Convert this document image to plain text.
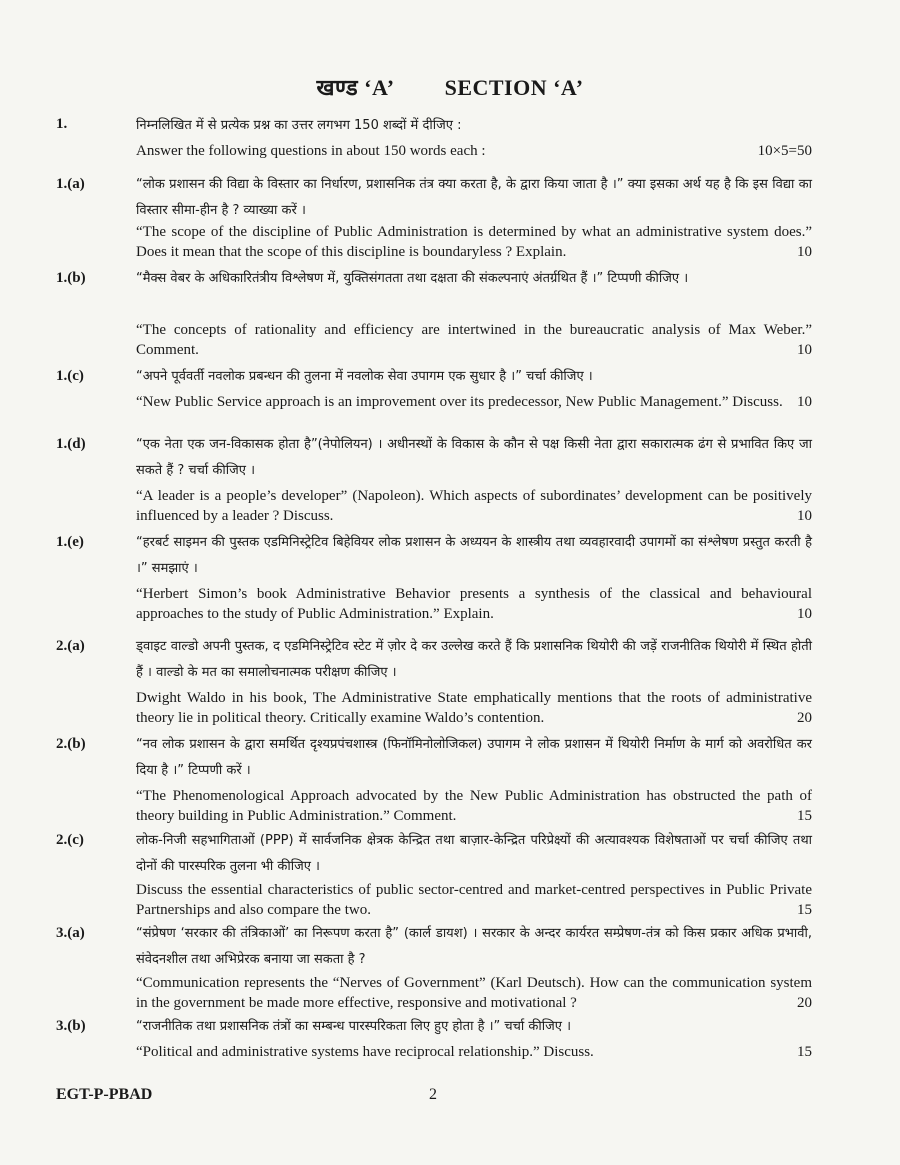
खण्ड ‘A’ SECTION ‘A’
1.	निम्नलिखित में से प्रत्येक प्रश्न का उत्तर लगभग 150 शब्दों में दीजिए :
Answer the following questions in about 150 words each :	10×5=50
1.(a)	“लोक प्रशासन की विद्या के विस्तार का निर्धारण, प्रशासनिक तंत्र क्या करता है, के द्वारा किया जाता है ।” क्या इसका अर्थ यह है कि इस विद्या का विस्तार सीमा-हीन है ? व्याख्या करें ।
“The scope of the discipline of Public Administration is determined by what an administrative system does.” Does it mean that the scope of this discipline is boundaryless ? Explain.	10
1.(b)	“मैक्स वेबर के अधिकारितंत्रीय विश्लेषण में, युक्तिसंगतता तथा दक्षता की संकल्पनाएं अंतर्ग्रथित हैं ।” टिप्पणी कीजिए ।
“The concepts of rationality and efficiency are intertwined in the bureaucratic analysis of Max Weber.” Comment.	10
1.(c)	“अपने पूर्ववर्ती नवलोक प्रबन्धन की तुलना में नवलोक सेवा उपागम एक सुधार है ।” चर्चा कीजिए ।
“New Public Service approach is an improvement over its predecessor, New Public Management.” Discuss. 10
1.(d)	“एक नेता एक जन-विकासक होता है”(नेपोलियन) । अधीनस्थों के विकास के कौन से पक्ष किसी नेता द्वारा सकारात्मक ढंग से प्रभावित किए जा सकते हैं ? चर्चा कीजिए ।
“A leader is a people’s developer” (Napoleon). Which aspects of subordinates’ development can be positively influenced by a leader ? Discuss.	10
1.(e)	“हरबर्ट साइमन की पुस्तक एडमिनिस्ट्रेटिव बिहेवियर लोक प्रशासन के अध्ययन के शास्त्रीय तथा व्यवहारवादी उपागमों का संश्लेषण प्रस्तुत करती है ।” समझाएं ।
“Herbert Simon’s book Administrative Behavior presents a synthesis of the classical and behavioural approaches to the study of Public Administration.” Explain.	10
2.(a)	ड्वाइट वाल्डो अपनी पुस्तक, द एडमिनिस्ट्रेटिव स्टेट में ज़ोर दे कर उल्लेख करते हैं कि प्रशासनिक थियोरी की जड़ें राजनीतिक थियोरी में स्थित होती हैं । वाल्डो के मत का समालोचनात्मक परीक्षण कीजिए ।
Dwight Waldo in his book, The Administrative State emphatically mentions that the roots of administrative theory lie in political theory. Critically examine Waldo’s contention.	20
2.(b)	“नव लोक प्रशासन के द्वारा समर्थित दृश्यप्रपंचशास्त्र (फिनॉमिनोलोजिकल) उपागम ने लोक प्रशासन में थियोरी निर्माण के मार्ग को अवरोधित कर दिया है ।” टिप्पणी करें ।
“The Phenomenological Approach advocated by the New Public Administration has obstructed the path of theory building in Public Administration.” Comment.	15
2.(c)	लोक-निजी सहभागिताओं (PPP) में सार्वजनिक क्षेत्रक केन्द्रित तथा बाज़ार-केन्द्रित परिप्रेक्ष्यों की अत्यावश्यक विशेषताओं पर चर्चा कीजिए तथा दोनों की पारस्परिक तुलना भी कीजिए ।
Discuss the essential characteristics of public sector-centred and market-centred perspectives in Public Private Partnerships and also compare the two.	15
3.(a)	“संप्रेषण ‘सरकार की तंत्रिकाओं’ का निरूपण करता है” (कार्ल डायश) । सरकार के अन्दर कार्यरत सम्प्रेषण-तंत्र को किस प्रकार अधिक प्रभावी, संवेदनशील तथा अभिप्रेरक बनाया जा सकता है ?
“Communication represents the “Nerves of Government” (Karl Deutsch). How can the communication system in the government be made more effective, responsive and motivational ?	20
3.(b)	“राजनीतिक तथा प्रशासनिक तंत्रों का सम्बन्ध पारस्परिकता लिए हुए होता है ।” चर्चा कीजिए ।
“Political and administrative systems have reciprocal relationship.” Discuss.	15
EGT-P-PBAD	2
